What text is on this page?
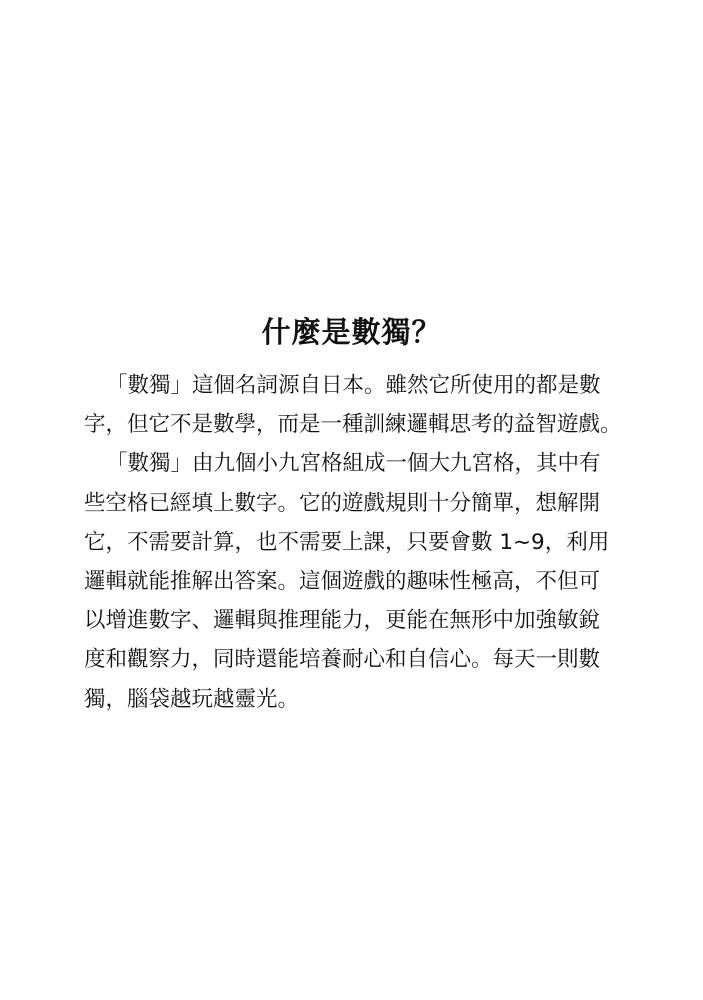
什麼是數獨？
「數獨」這個名詞源自日本。雖然它所使用的都是數
字，但它不是數學，而是一種訓練邏輯思考的益智遊戲。
「數獨」由九個小九宮格組成一個大九宮格，其中有
些空格已經填上數字。它的遊戲規則十分簡單，想解開
它，不需要計算，也不需要上課，只要會數 1~9，利用
邏輯就能推解出答案。這個遊戲的趣味性極高，不但可
以增進數字、邏輯與推理能力，更能在無形中加強敏銳
度和觀察力，同時還能培養耐心和自信心。每天一則數
獨，腦袋越玩越靈光。
